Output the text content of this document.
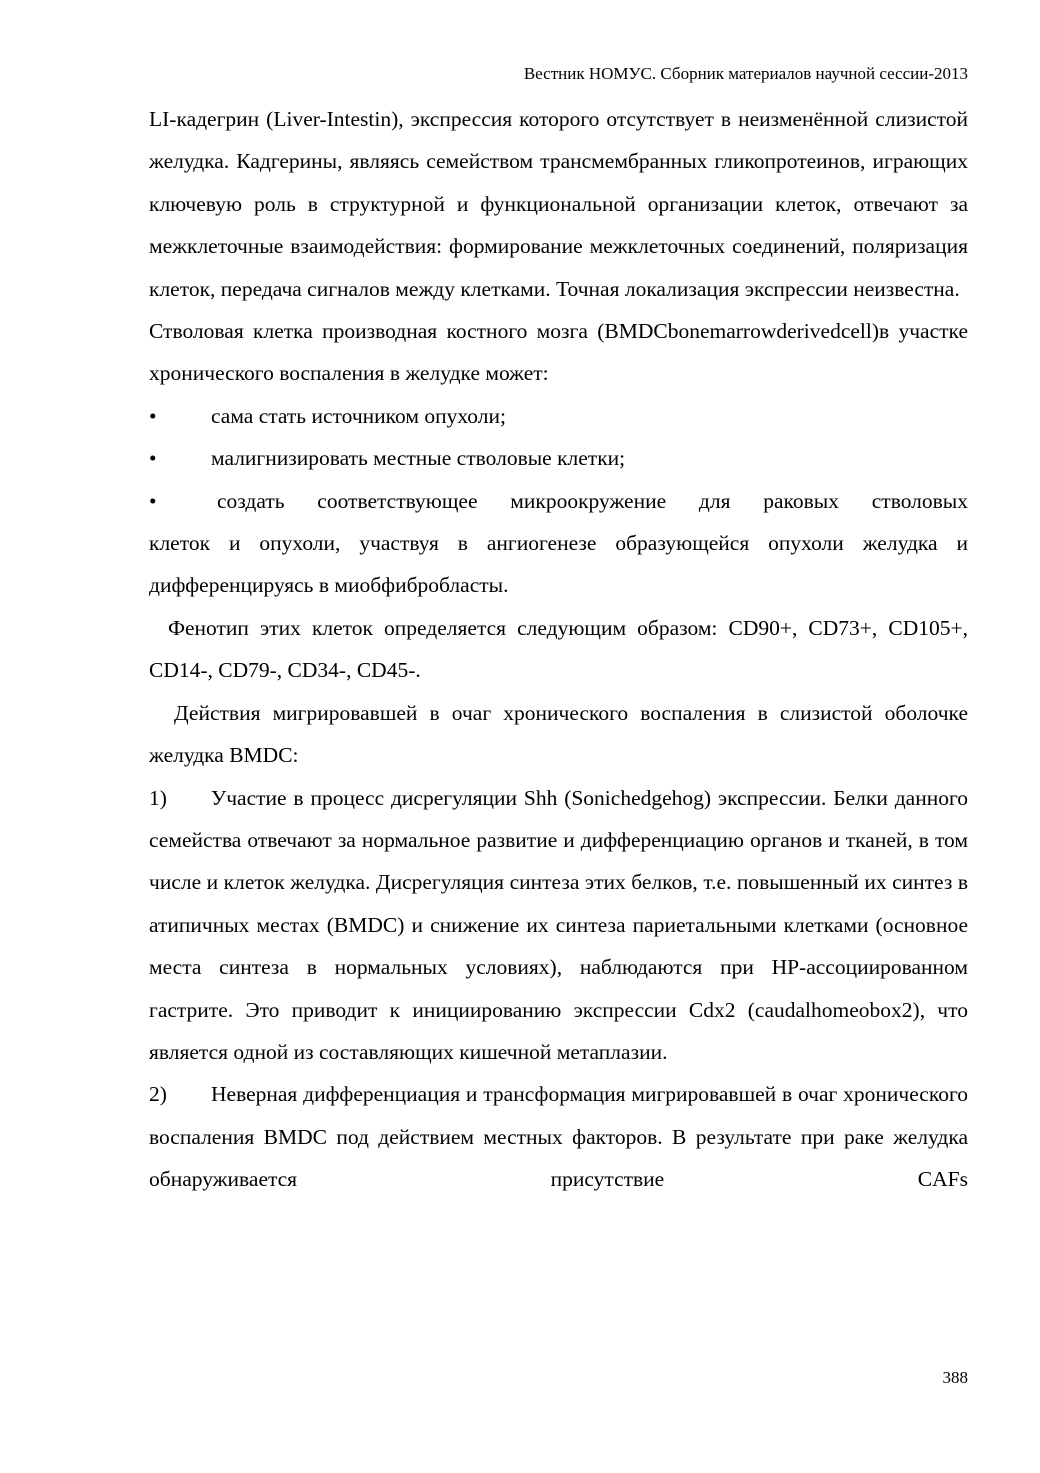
Вестник НОМУС. Сборник материалов научной сессии-2013

LI-кадегрин (Liver-Intestin), экспрессия которого отсутствует в неизменённой слизистой желудка. Кадгерины, являясь семейством трансмембранных гликопротеинов, играющих ключевую роль в структурной и функциональной организации клеток, отвечают за межклеточные взаимодействия: формирование межклеточных соединений, поляризация клеток, передача сигналов между клетками. Точная локализация экспрессии неизвестна.

Стволовая клетка производная костного мозга (BMDCbonemarrowderivedcell)в участке хронического воспаления в желудке может:

•	сама стать источником опухоли;
•	малигнизировать местные стволовые клетки;

•	создать соответствующее микроокружение для раковых стволовых

клеток и опухоли, участвуя в ангиогенезе образующейся опухоли желудка и дифференцируясь в миобфибробласты.

Фенотип этих клеток определяется следующим образом: CD90+, CD73+, CD105+, CD14-, CD79-, CD34-, CD45-.

Действия мигрировавшей в очаг хронического воспаления в слизистой оболочке желудка BMDC:

1) Участие в процесс дисрегуляции Shh (Sonichedgehog) экспрессии. Белки данного семейства отвечают за нормальное развитие и дифференциацию органов и тканей, в том числе и клеток желудка. Дисрегуляция синтеза этих белков, т.е. повышенный их синтез в атипичных местах (BMDC) и снижение их синтеза париетальными клетками (основное места синтеза в нормальных условиях), наблюдаются при HP-ассоциированном гастрите. Это приводит к инициированию экспрессии Cdx2 (caudalhomeobox2), что является одной из составляющих кишечной метаплазии.

2) Неверная дифференциация и трансформация мигрировавшей в очаг хронического воспаления BMDC под действием местных факторов. В результате при раке желудка обнаруживается присутствие CAFs

388
